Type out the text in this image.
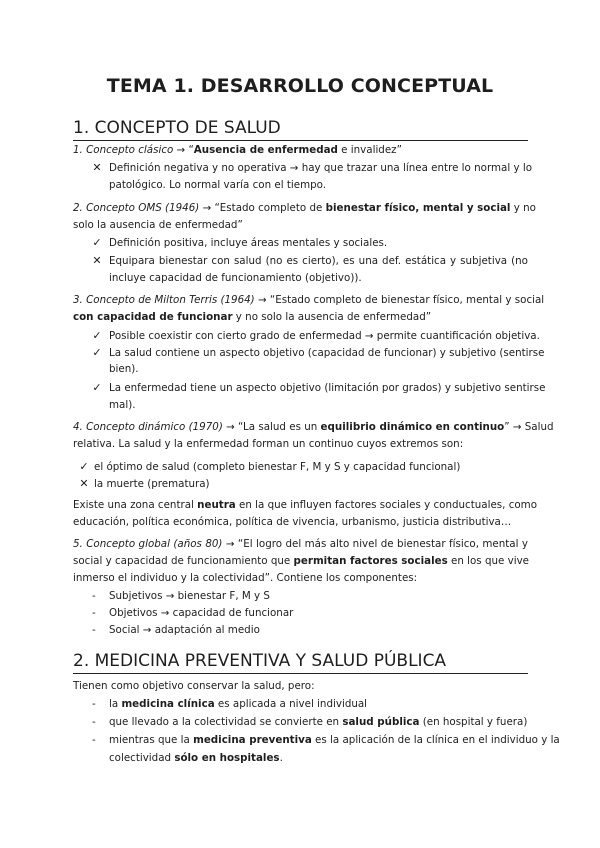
TEMA 1. DESARROLLO CONCEPTUAL
1. CONCEPTO DE SALUD

1. Concepto clásico → “Ausencia de enfermedad e invalidez”

✕ Definición negativa y no operativa → hay que trazar una línea entre lo normal y lo

patológico. Lo normal varía con el tiempo.

2. Concepto OMS (1946) → “Estado completo de bienestar físico, mental y social y no

solo la ausencia de enfermedad”

✓ Definición positiva, incluye áreas mentales y sociales.

✕ Equipara bienestar con salud (no es cierto), es una def. estática y subjetiva (no

incluye capacidad de funcionamiento (objetivo)).

3. Concepto de Milton Terris (1964) → “Estado completo de bienestar físico, mental y social

con capacidad de funcionar y no solo la ausencia de enfermedad”

✓ Posible coexistir con cierto grado de enfermedad → permite cuantificación objetiva.

✓ La salud contiene un aspecto objetivo (capacidad de funcionar) y subjetivo (sentirse

bien).

✓ La enfermedad tiene un aspecto objetivo (limitación por grados) y subjetivo sentirse

mal).

4. Concepto dinámico (1970) → “La salud es un equilibrio dinámico en continuo” → Salud

relativa. La salud y la enfermedad forman un continuo cuyos extremos son:

✓ el óptimo de salud (completo bienestar F, M y S y capacidad funcional)

✕ la muerte (prematura)

Existe una zona central neutra en la que influyen factores sociales y conductuales, como

educación, política económica, política de vivencia, urbanismo, justicia distributiva…

5. Concepto global (años 80) → “El logro del más alto nivel de bienestar físico, mental y

social y capacidad de funcionamiento que permitan factores sociales en los que vive

inmerso el individuo y la colectividad”. Contiene los componentes:

- Subjetivos → bienestar F, M y S

- Objetivos → capacidad de funcionar

- Social → adaptación al medio

2. MEDICINA PREVENTIVA Y SALUD PÚBLICA

Tienen como objetivo conservar la salud, pero:

- la medicina clínica es aplicada a nivel individual

- que llevado a la colectividad se convierte en salud pública (en hospital y fuera)

- mientras que la medicina preventiva es la aplicación de la clínica en el individuo y la

colectividad sólo en hospitales.
